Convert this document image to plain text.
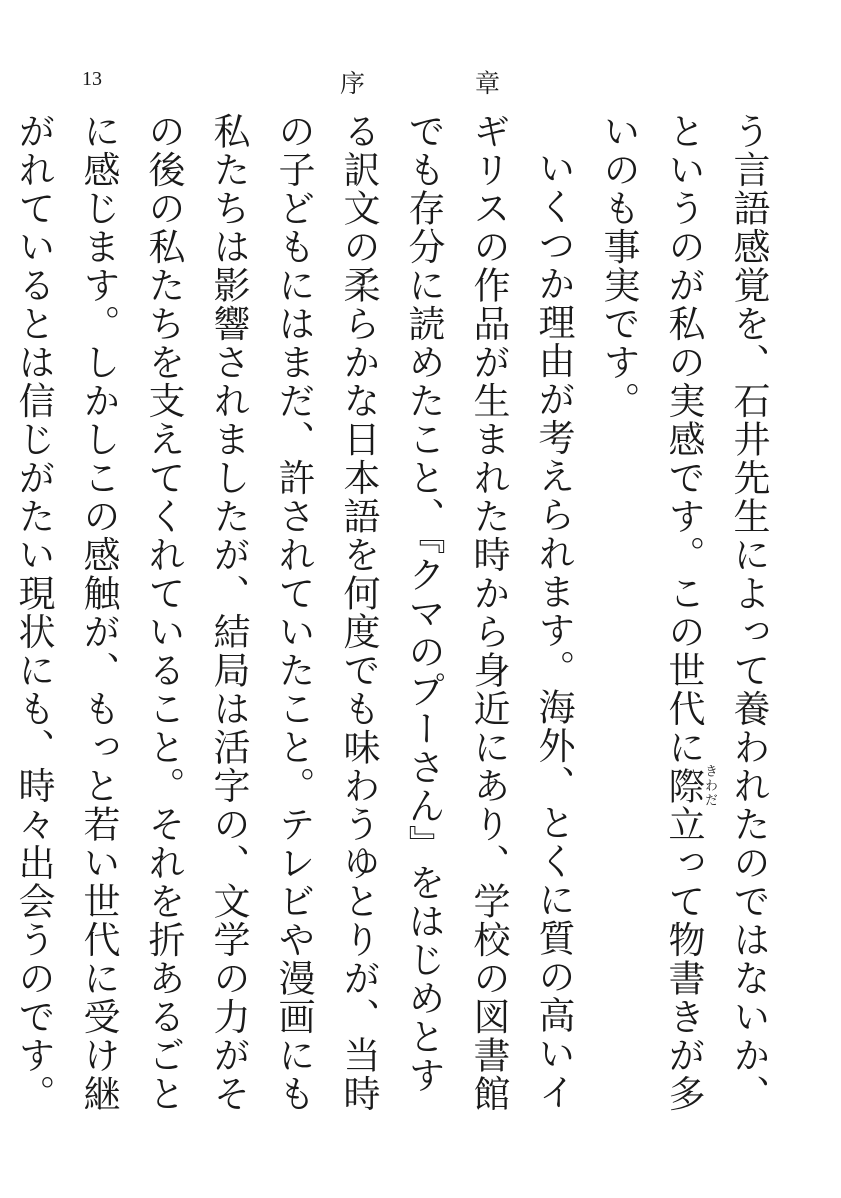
13	序	章

う言語感覚を、石井先生によって養われたのではないか、というのが私の実感です。この世代に際きわだ立って物書きが多いのも事実です。

いくつか理由が考えられます。海外、とくに質の高いイギリスの作品が生まれた時から身近にあり、学校の図書館でも存分に読めたこと、『クマのプーさん』をはじめとする訳文の柔らかな日本語を何度でも味わうゆとりが、当時の子どもにはまだ、許されていたこと。テレビや漫画にも私たちは影響されましたが、結局は活字の、文学の力がその後の私たちを支えてくれていること。それを折あるごとに感じます。しかしこの感触が、もっと若い世代に受け継がれているとは信じがたい現状にも、時々出会うのです。
